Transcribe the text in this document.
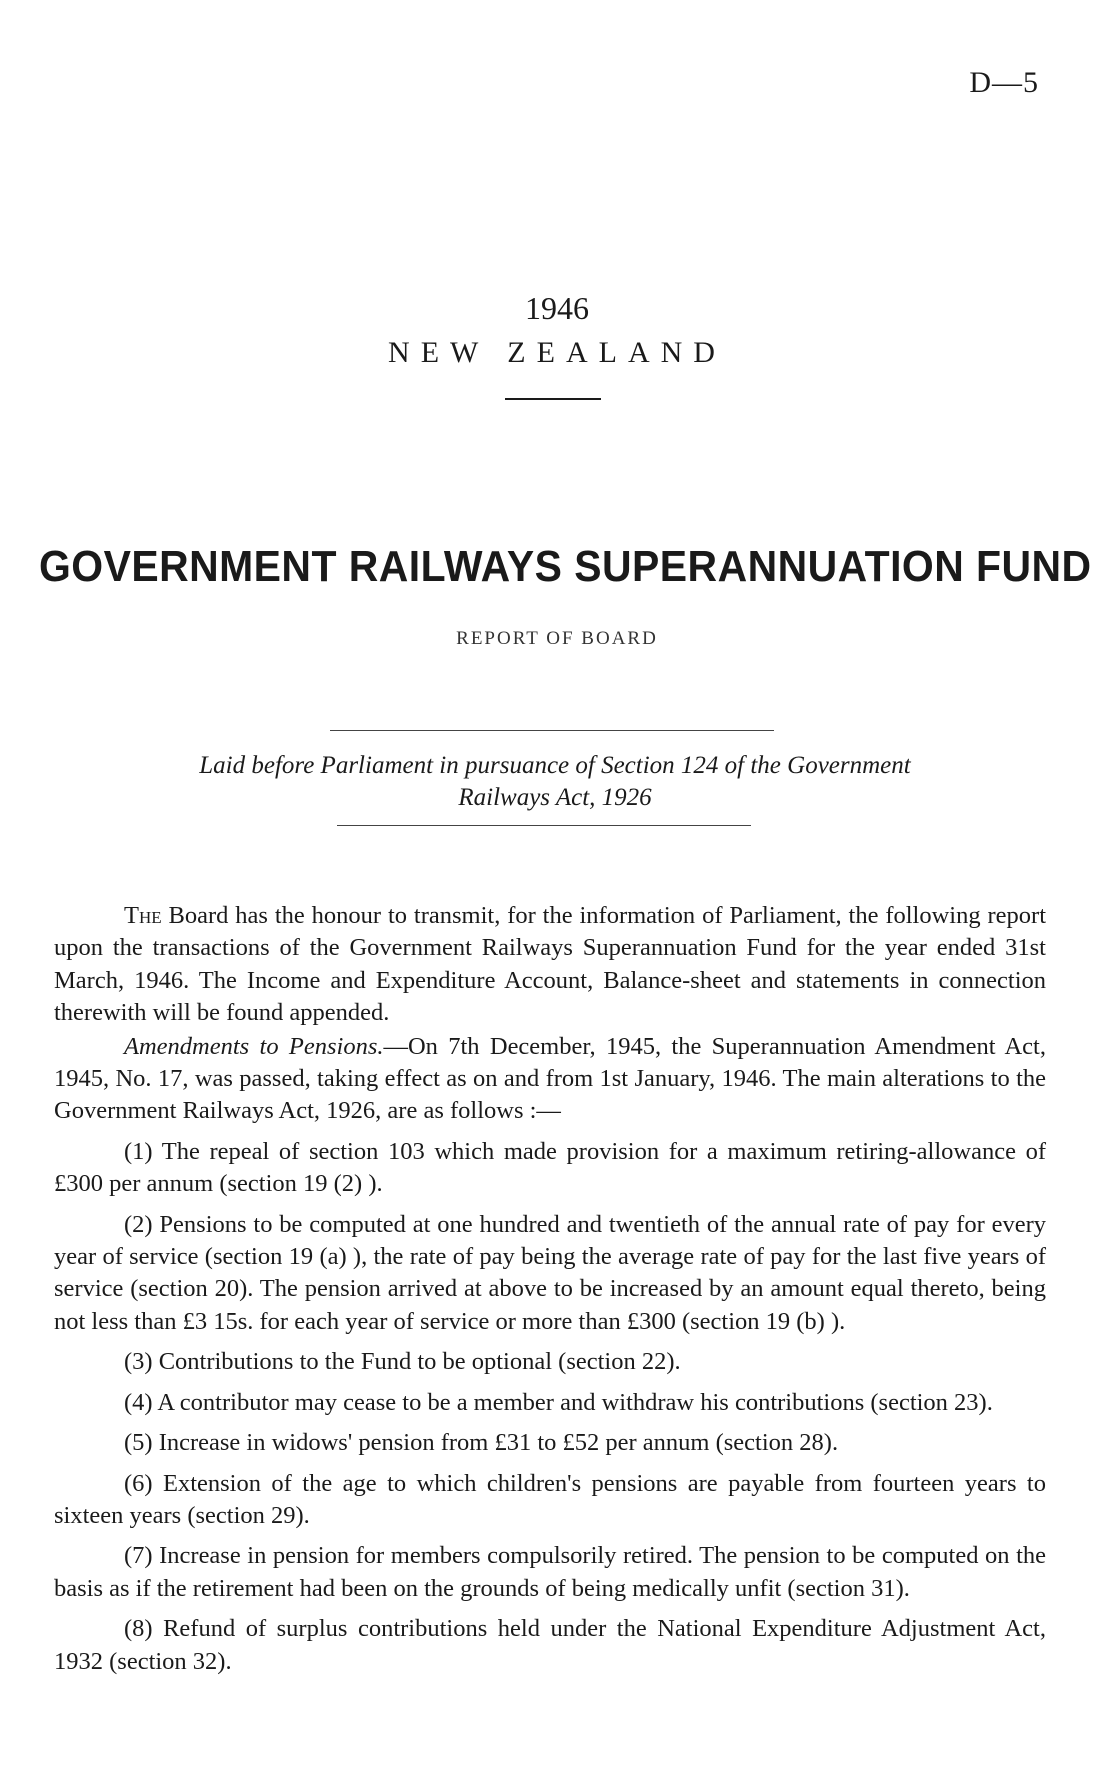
D—5
1946
NEW ZEALAND
GOVERNMENT RAILWAYS SUPERANNUATION FUND
REPORT OF BOARD
Laid before Parliament in pursuance of Section 124 of the Government
Railways Act, 1926

The Board has the honour to transmit, for the information of Parliament, the following report upon the transactions of the Government Railways Superannuation Fund for the year ended 31st March, 1946. The Income and Expenditure Account, Balance-sheet and statements in connection therewith will be found appended.

Amendments to Pensions.—On 7th December, 1945, the Superannuation Amendment Act, 1945, No. 17, was passed, taking effect as on and from 1st January, 1946. The main alterations to the Government Railways Act, 1926, are as follows :—

(1) The repeal of section 103 which made provision for a maximum retiring-allowance of £300 per annum (section 19 (2) ).

(2) Pensions to be computed at one hundred and twentieth of the annual rate of pay for every year of service (section 19 (a) ), the rate of pay being the average rate of pay for the last five years of service (section 20). The pension arrived at above to be increased by an amount equal thereto, being not less than £3 15s. for each year of service or more than £300 (section 19 (b) ).

(3) Contributions to the Fund to be optional (section 22).

(4) A contributor may cease to be a member and withdraw his contributions (section 23).

(5) Increase in widows' pension from £31 to £52 per annum (section 28).

(6) Extension of the age to which children's pensions are payable from fourteen years to sixteen years (section 29).

(7) Increase in pension for members compulsorily retired. The pension to be computed on the basis as if the retirement had been on the grounds of being medically unfit (section 31).

(8) Refund of surplus contributions held under the National Expenditure Adjustment Act, 1932 (section 32).
